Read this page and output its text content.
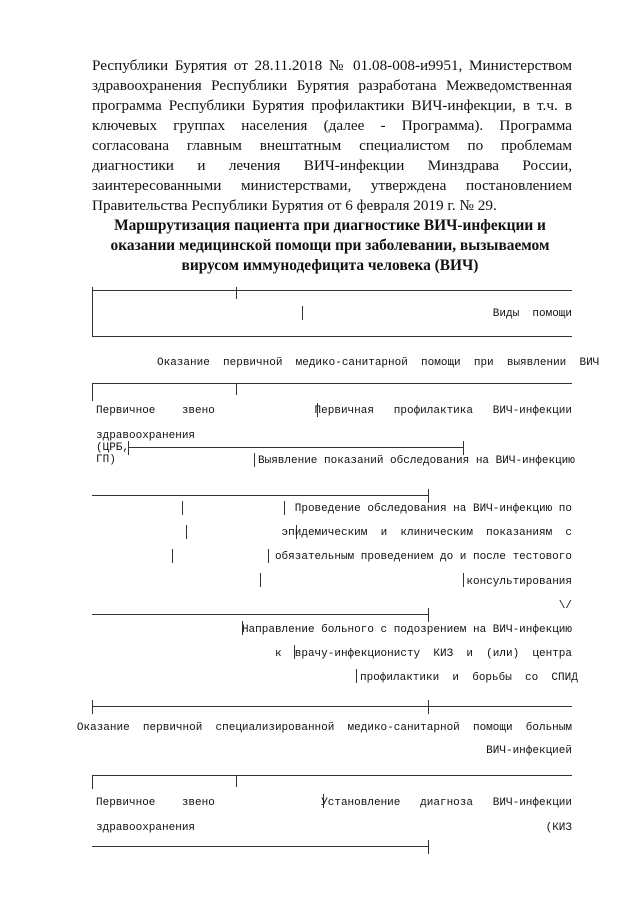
Республики Бурятия от 28.11.2018 № 01.08-008-и9951, Министерством
здравоохранения Республики Бурятия разработана Межведомственная
программа Республики Бурятия профилактики ВИЧ-инфекции, в т.ч. в
ключевых группах населения (далее - Программа). Программа
согласована главным внештатным специалистом по проблемам
диагностики и лечения ВИЧ-инфекции Минздрава России,
заинтересованными министерствами, утверждена постановлением
Правительства Республики Бурятия от 6 февраля 2019 г. № 29.
Маршрутизация пациента при диагностике ВИЧ-инфекции и
оказании медицинской помощи при заболевании, вызываемом
вирусом иммунодефицита человека (ВИЧ)
Виды  помощи
Оказание  первичной  медико-санитарной  помощи  при  выявлении  ВИЧ
Первичное    звено
здравоохранения
(ЦРБ,
ГП)
Первичная   профилактика   ВИЧ-инфекции
Выявление показаний обследования на ВИЧ-инфекцию
Проведение обследования на ВИЧ-инфекцию по
эпидемическим  и  клиническим  показаниям  с
обязательным проведением до и после тестового
консультирования
\/
Направление больного с подозрением на ВИЧ-инфекцию
к  врачу-инфекционисту  КИЗ  и  (или)  центра
профилактики  и  борьбы  со  СПИД
Оказание  первичной  специализированной  медико-санитарной  помощи  больным
ВИЧ-инфекцией
Первичное    звено
здравоохранения
Установление   диагноза   ВИЧ-инфекции
(КИЗ
